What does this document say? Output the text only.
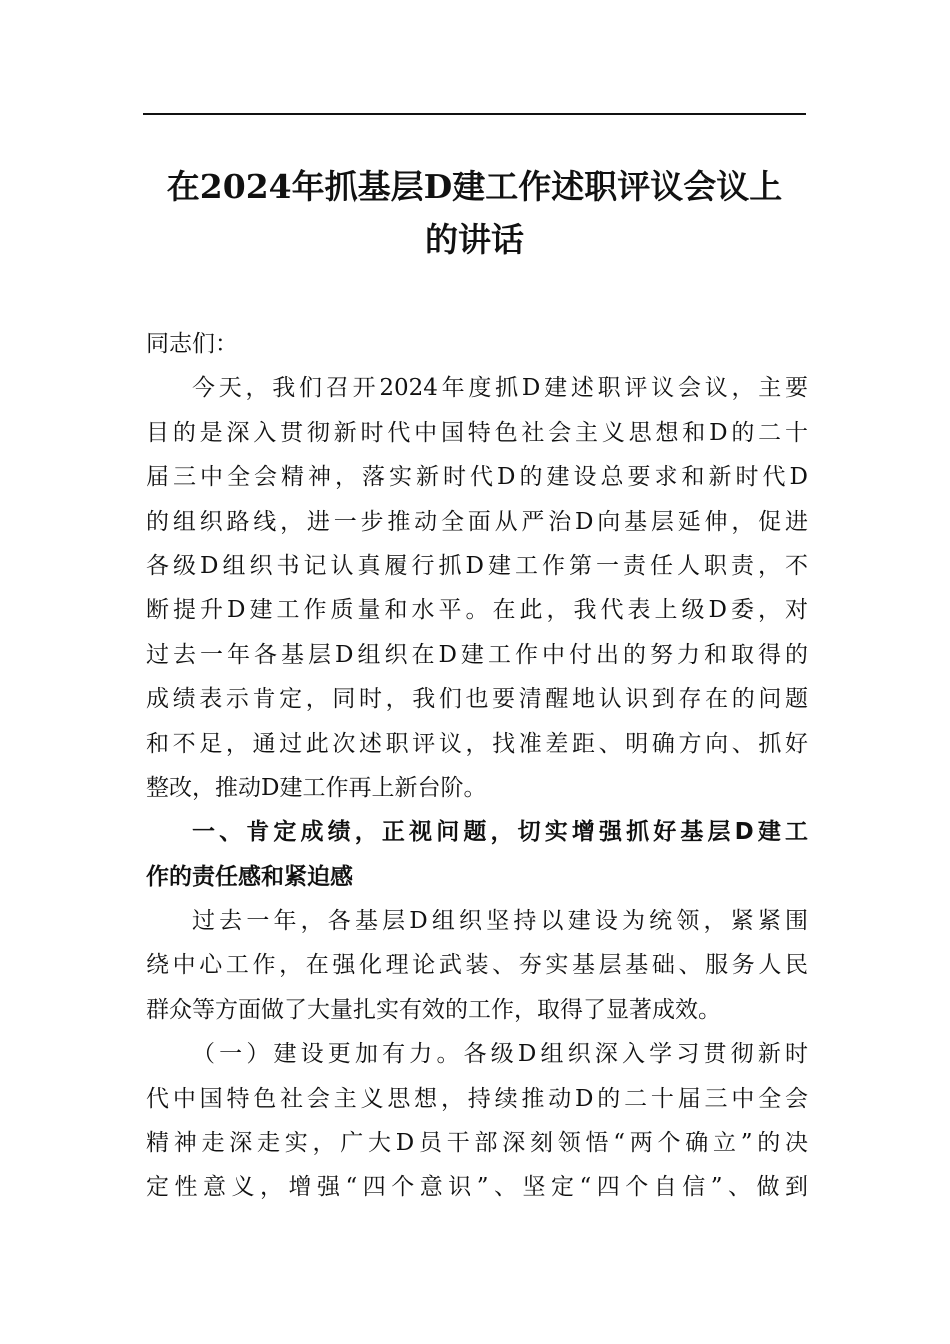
在2024年抓基层D建工作述职评议会议上
的讲话
同志们：
今天，我们召开2024年度抓D建述职评议会议，主要
目的是深入贯彻新时代中国特色社会主义思想和D的二十
届三中全会精神，落实新时代D的建设总要求和新时代D
的组织路线，进一步推动全面从严治D向基层延伸，促进
各级D组织书记认真履行抓D建工作第一责任人职责，不
断提升D建工作质量和水平。在此，我代表上级D委，对
过去一年各基层D组织在D建工作中付出的努力和取得的
成绩表示肯定，同时，我们也要清醒地认识到存在的问题
和不足，通过此次述职评议，找准差距、明确方向、抓好
整改，推动D建工作再上新台阶。
一、肯定成绩，正视问题，切实增强抓好基层D建工
作的责任感和紧迫感
过去一年，各基层D组织坚持以建设为统领，紧紧围
绕中心工作，在强化理论武装、夯实基层基础、服务人民
群众等方面做了大量扎实有效的工作，取得了显著成效。
（一）建设更加有力。各级D组织深入学习贯彻新时
代中国特色社会主义思想，持续推动D的二十届三中全会
精神走深走实，广大D员干部深刻领悟“两个确立”的决
定性意义，增强“四个意识”、坚定“四个自信”、做到
